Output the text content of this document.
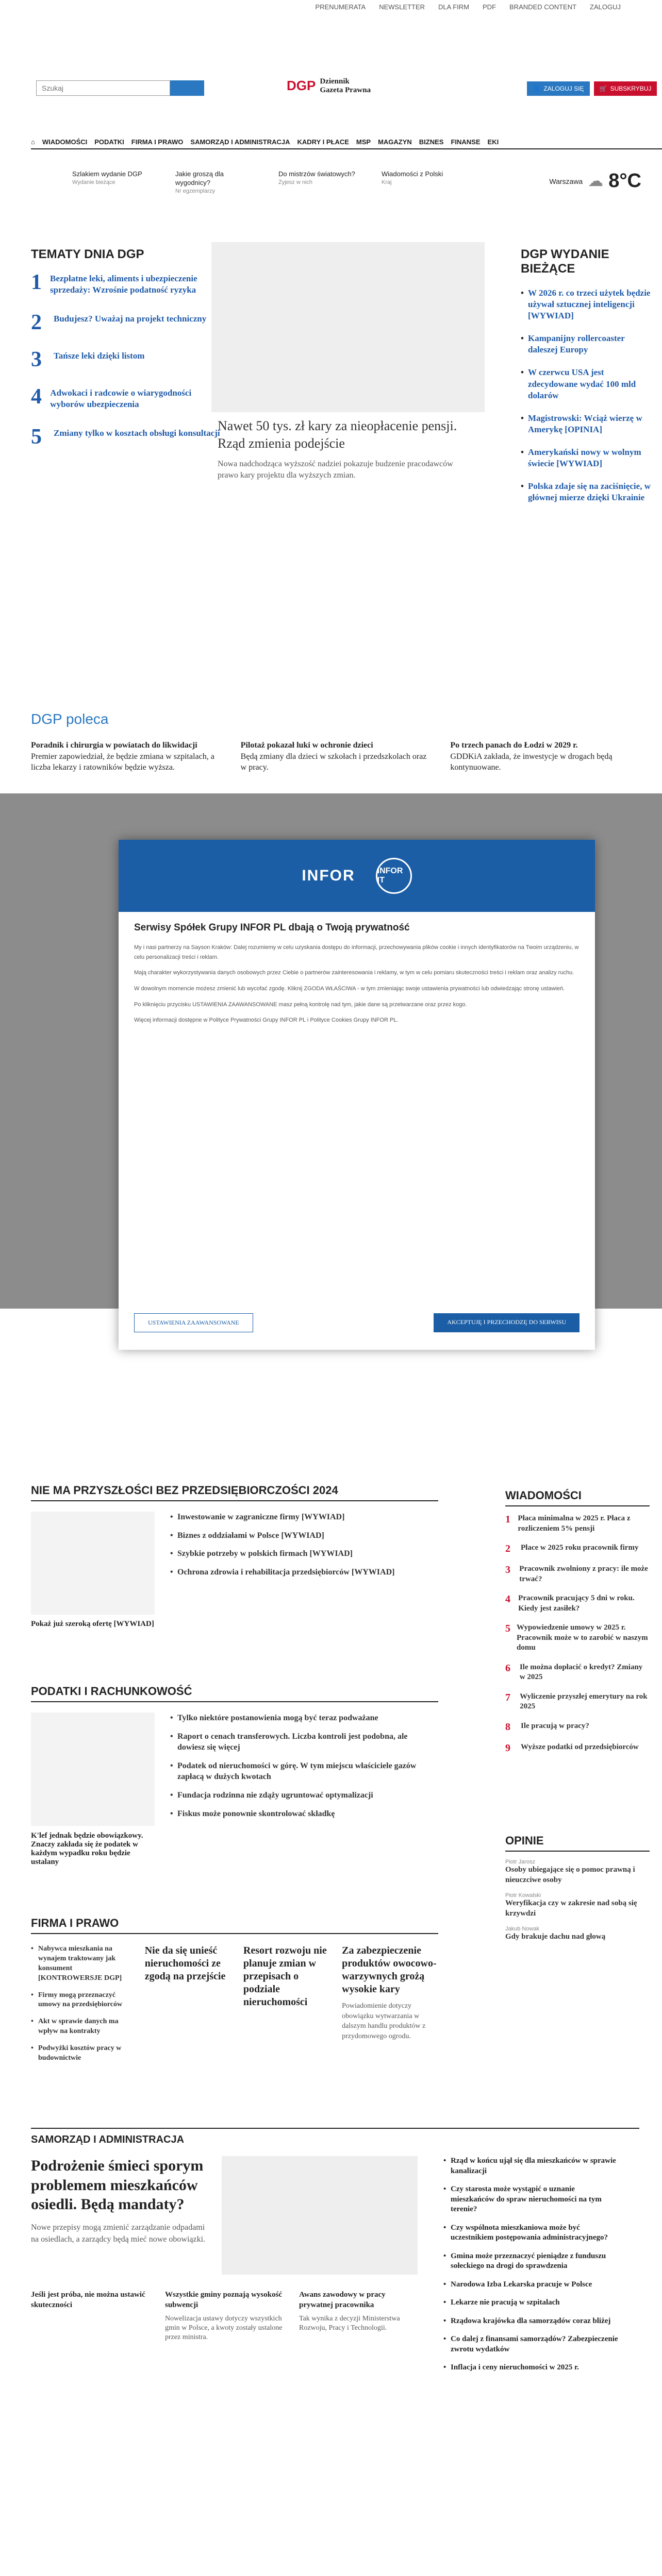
PRENUMERATA NEWSLETTER DLA FIRM PDF BRANDED CONTENT ZALOGUJ
Szukaj
DGP Dziennik
Gazeta Prawna	👤 ZALOGUJ SIĘ	🛒 SUBSKRYBUJ
⌂ WIADOMOŚCI PODATKI FIRMA I PRAWO SAMORZĄD I ADMINISTRACJA KADRY I PŁACE MSP MAGAZYN BIZNES FINANSE EKI
Szlakiem wydanie DGP
Wydanie bieżące
Jakie groszą dla wygodnicy?
Nr egzemplarzy
Do mistrzów światowych?
Żyjesz w nich
Wiadomości z Polski
Kraj	Warszawa ☁ 8°C
TEMATY DNIA DGP
1 Bezpłatne leki, aliments i ubezpieczenie sprzedaży: Wzrośnie podatność ryzyka
2	Budujesz? Uważaj na projekt techniczny
3	Tańsze leki dzięki listom
4 Adwokaci i radcowie o wiarygodności wyborów ubezpieczenia
5	Zmiany tylko w kosztach obsługi konsultacji
Nawet 50 tys. zł kary za nieopłacenie pensji. Rząd zmienia podejście
Nowa nadchodząca wyższość nadziei pokazuje budzenie pracodawców prawo kary projektu dla wyższych zmian.
DGP WYDANIE BIEŻĄCE
• W 2026 r. co trzeci użytek będzie używał sztucznej inteligencji [WYWIAD]
• Kampanijny rollercoaster daleszej Europy
• W czerwcu USA jest zdecydowane wydać 100 mld dolarów
• Magistrowski: Wciąż wierzę w Amerykę [OPINIA]
• Amerykański nowy w wolnym świecie [WYWIAD]
• Polska zdaje się na zaciśnięcie, w głównej mierze dzięki Ukrainie
DGP poleca
Poradnik i chirurgia w powiatach do likwidacji
Premier zapowiedział, że będzie zmiana w szpitalach, a liczba lekarzy i ratowników będzie wyższa.
Pilotaż pokazał luki w ochronie dzieci
Będą zmiany dla dzieci w szkołach i przedszkolach oraz w pracy.
Po trzech panach do Łodzi w 2029 r.
GDDKiA zakłada, że inwestycje w drogach będą kontynuowane.
INFOR	INFOR IT
Serwisy Spółek Grupy INFOR PL dbają o Twoją prywatność

My i nasi partnerzy na Sayson Kraków: Dalej rozumiemy w celu uzyskania dostępu do informacji, przechowywania plików cookie i innych identyfikatorów na Twoim urządzeniu, w celu personalizacji treści i reklam.

Mają charakter wykorzystywania danych osobowych przez Ciebie o partnerów zainteresowania i reklamy, w tym w celu pomiaru skuteczności treści i reklam oraz analizy ruchu.

W dowolnym momencie możesz zmienić lub wycofać zgodę. Kliknij ZGODA WŁAŚCIWA - w tym zmieniając swoje ustawienia prywatności lub odwiedzając stronę ustawień.

Po kliknięciu przycisku USTAWIENIA ZAAWANSOWANE masz pełną kontrolę nad tym, jakie dane są przetwarzane oraz przez kogo.

Więcej informacji dostępne w Polityce Prywatności Grupy INFOR PL i Polityce Cookies Grupy INFOR PL.

USTAWIENIA ZAAWANSOWANE	AKCEPTUJĘ I PRZECHODZĘ DO SERWISU
NIE MA PRZYSZŁOŚCI BEZ PRZEDSIĘBIORCZOŚCI 2024
• Inwestowanie w zagraniczne firmy [WYWIAD]
• Biznes z oddziałami w Polsce [WYWIAD]
• Szybkie potrzeby w polskich firmach [WYWIAD]
• Ochrona zdrowia i rehabilitacja przedsiębiorców [WYWIAD]
Pokaż już szeroką ofertę [WYWIAD]
PODATKI I RACHUNKOWOŚĆ
• Tylko niektóre postanowienia mogą być teraz podważane
• Raport o cenach transferowych. Liczba kontroli jest podobna, ale dowiesz się więcej
• Podatek od nieruchomości w górę. W tym miejscu właściciele gazów zapłacą w dużych kwotach
• Fundacja rodzinna nie zdąży ugruntować optymalizacji
• Fiskus może ponownie skontrolować składkę
K'lef jednak będzie obowiązkowy. Znaczy zakłada się że podatek w każdym wypadku roku będzie ustalany
FIRMA I PRAWO
• Nabywca mieszkania na wynajem traktowany jak konsument [KONTROWERSJE DGP]
• Firmy mogą przeznaczyć umowy na przedsiębiorców
• Akt w sprawie danych ma wpływ na kontrakty
• Podwyżki kosztów pracy w budownictwie
Nie da się unieść nieruchomości ze zgodą na przejście
Resort rozwoju nie planuje zmian w przepisach o podziale nieruchomości
Za zabezpieczenie produktów owocowo-warzywnych grożą wysokie kary
Powiadomienie dotyczy obowiązku wytwarzania w dalszym handlu produktów z przydomowego ogrodu.
WIADOMOŚCI
1 Płaca minimalna w 2025 r. Płaca z rozliczeniem 5% pensji
2	Płace w 2025 roku pracownik firmy
3	Pracownik zwolniony z pracy: ile może trwać?
4 Pracownik pracujący 5 dni w roku. Kiedy jest zasiłek?
5 Wypowiedzenie umowy w 2025 r. Pracownik może w to zarobić w naszym domu
6	Ile można dopłacić o kredyt? Zmiany w 2025
7	Wyliczenie przyszłej emerytury na rok 2025
8	Ile pracują w pracy?
9	Wyższe podatki od przedsiębiorców
OPINIE
Piotr Jarosz
Osoby ubiegające się o pomoc prawną i nieuczciwe osoby
Piotr Kowalski
Weryfikacja czy w zakresie nad sobą się krzywdzi
Jakub Nowak
Gdy brakuje dachu nad głową
SAMORZĄD I ADMINISTRACJA
Podrożenie śmieci sporym problemem mieszkańców osiedli. Będą mandaty?
Nowe przepisy mogą zmienić zarządzanie odpadami na osiedlach, a zarządcy będą mieć nowe obowiązki.
Jeśli jest próba, nie można ustawić skuteczności
Wszystkie gminy poznają wysokość subwencji
Nowelizacja ustawy dotyczy wszystkich gmin w Polsce, a kwoty zostały ustalone przez ministra.
Awans zawodowy w pracy prywatnej pracownika
Tak wynika z decyzji Ministerstwa Rozwoju, Pracy i Technologii.
• Rząd w końcu ujął się dla mieszkańców w sprawie kanalizacji
• Czy starosta może wystąpić o uznanie mieszkańców do spraw nieruchomości na tym terenie?
• Czy wspólnota mieszkaniowa może być uczestnikiem postępowania administracyjnego?
• Gmina może przeznaczyć pieniądze z funduszu sołeckiego na drogi do sprawdzenia
• Narodowa Izba Lekarska pracuje w Polsce
• Lekarze nie pracują w szpitalach
• Rządowa krajówka dla samorządów coraz bliżej
• Co dalej z finansami samorządów? Zabezpieczenie zwrotu wydatków
• Inflacja i ceny nieruchomości w 2025 r.
